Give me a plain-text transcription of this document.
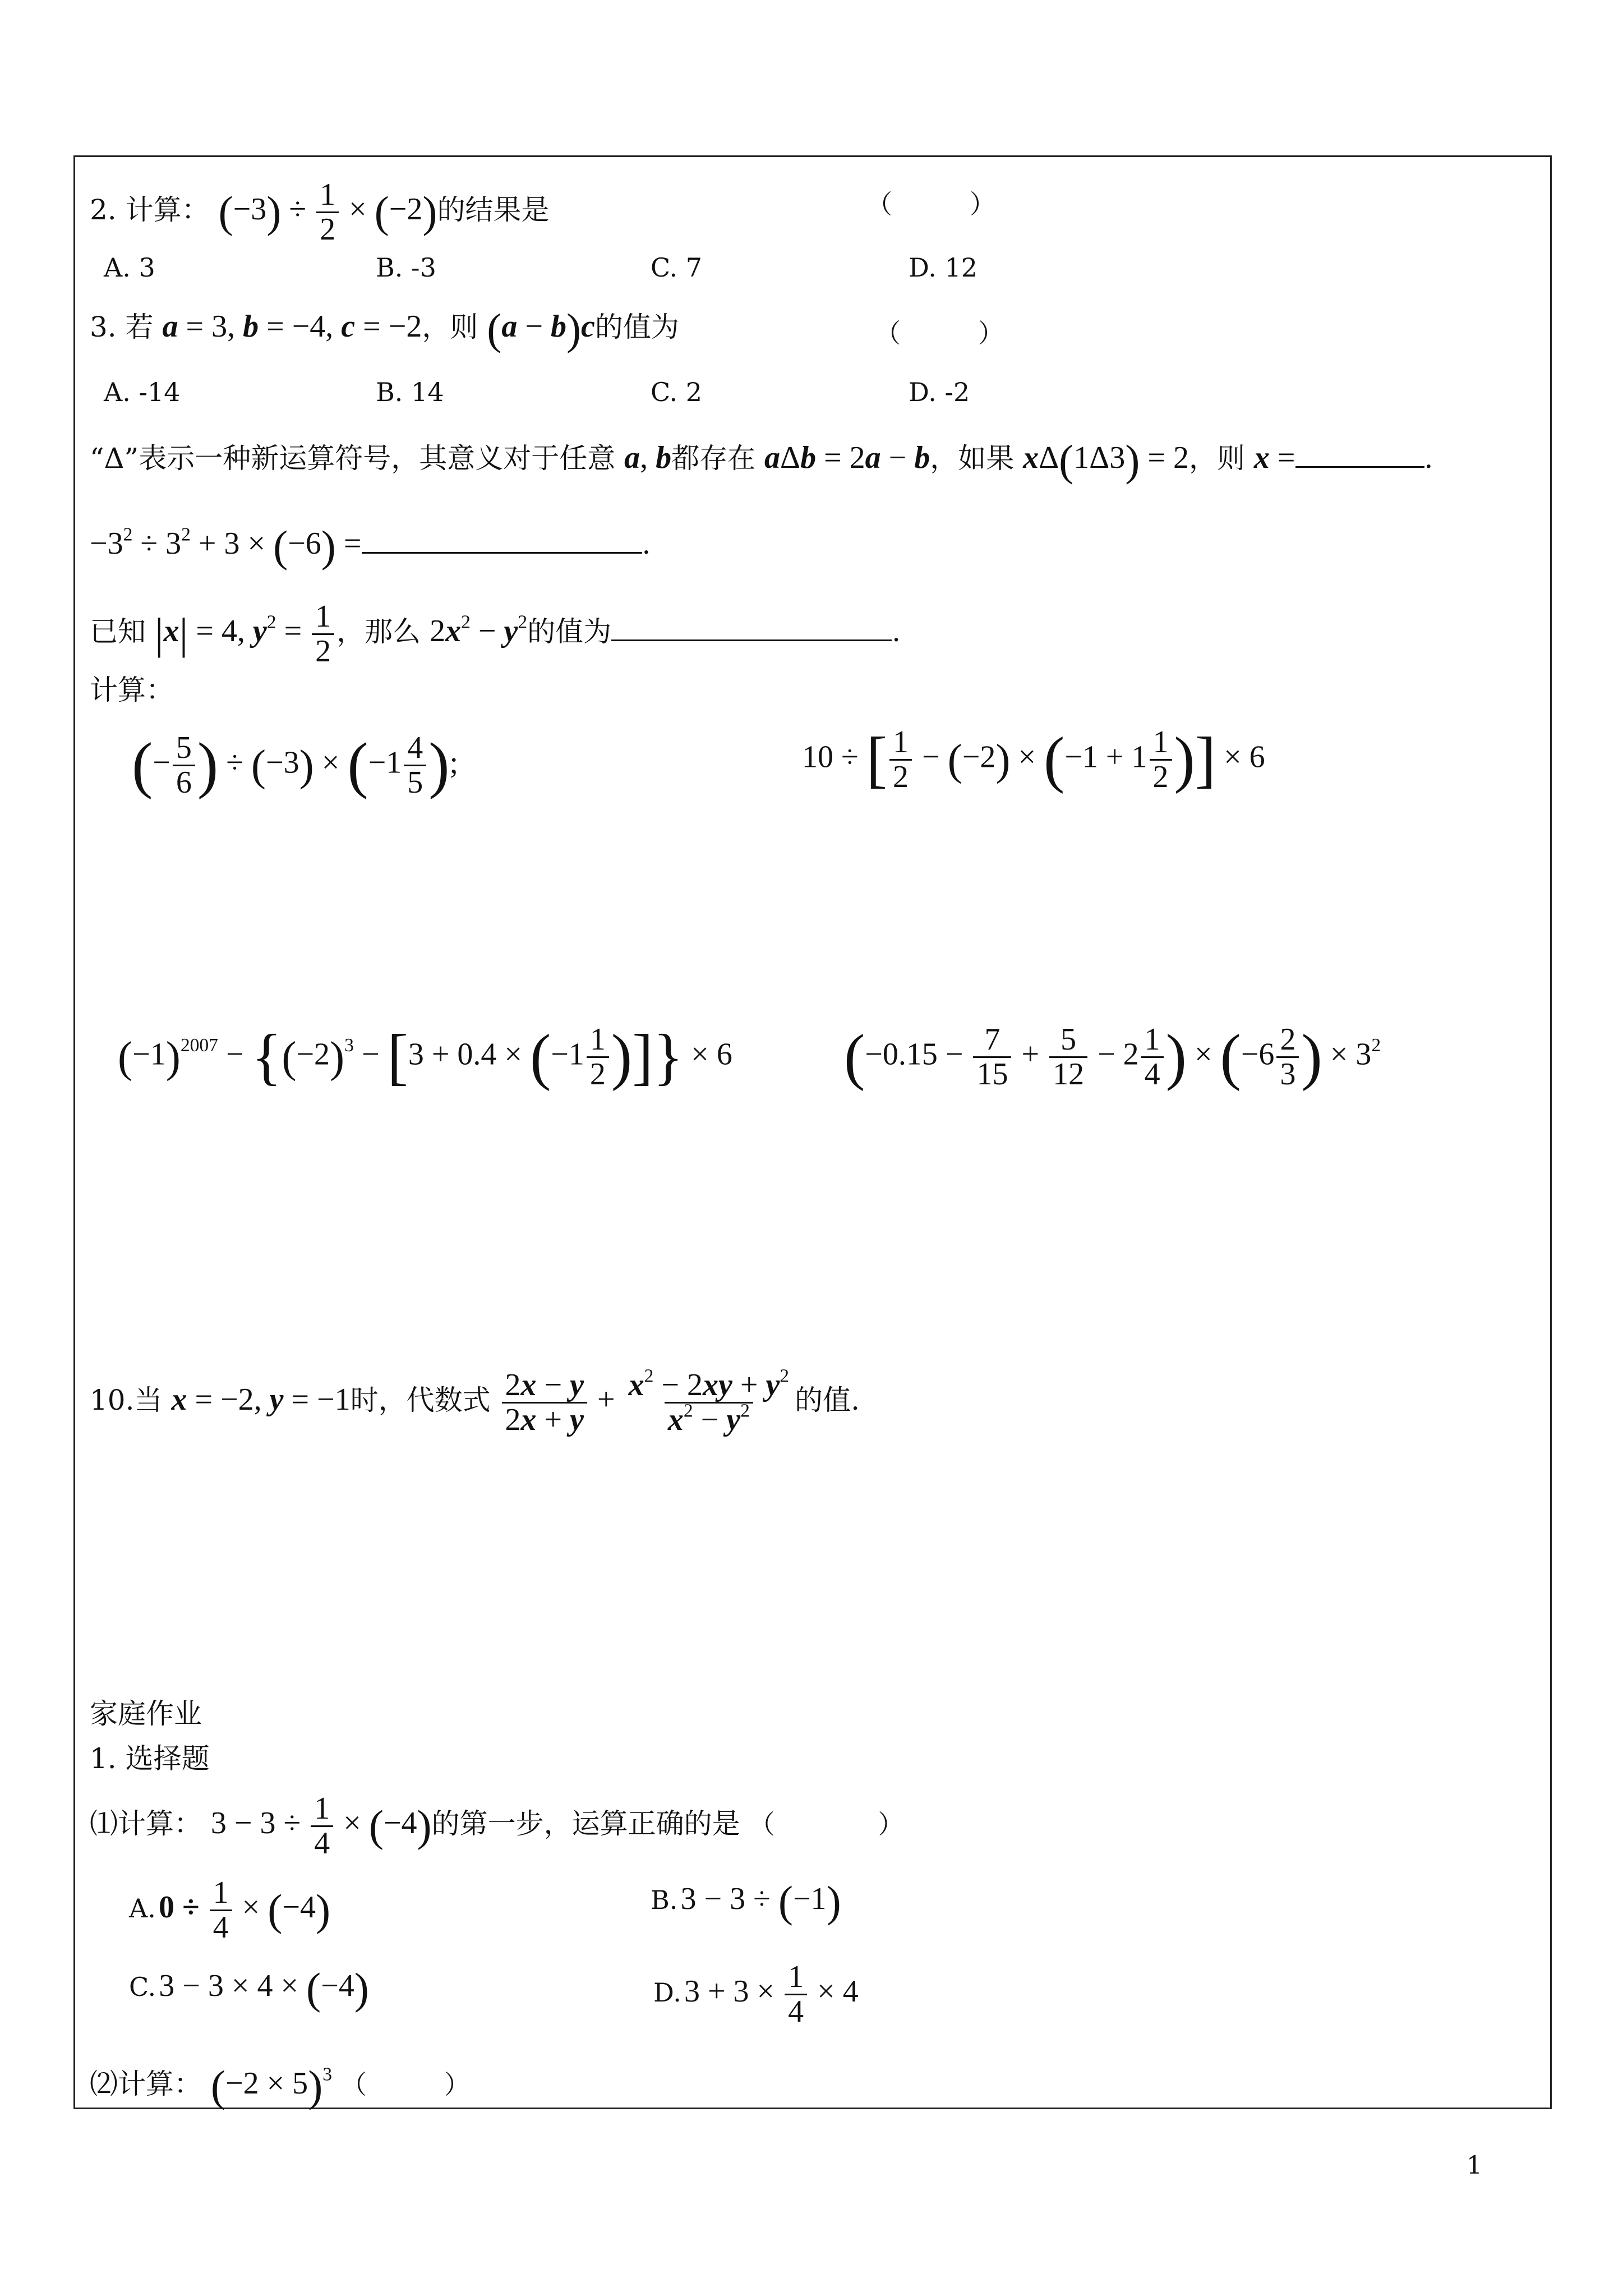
2. 计算： $(-3) \div \frac{1}{2} \times (-2)$的结果是	（　　　）
A. 3	B. -3	C. 7	D. 12
3. 若 a = 3, b = −4, c = −2，则 (a − b)c的值为	（　　　）
A. -14	B. 14	C. 2	D. -2
“Δ”表示一种新运算符号，其意义对于任意 a, b都存在 aΔb = 2a − b，如果 xΔ(1Δ3) = 2，则 x =	.
$-3^2 \div 3^2 + 3 \times (-6)$ =	.
已知 |x| = 4, $y^2 = \frac{1}{2}$ ，那么 $2x^2 - y^2$的值为	.
计算：
(− $\frac{5}{6}$ ) ÷ $(-3) \times (-1 \frac{4}{5}$ );	10 ÷ [ $\frac{1}{2} - (-2) \times (-1 + 1 \frac{1}{2}$ )] × 6
$(-1)^{2007} - \{(-2)^3 - [3 + 0.4 \times (-1 \frac{1}{2}$ )]} × 6 ($-0.15 - \frac{7}{15} + \frac{5}{12} - 2 \frac{1}{4}$ ) × ($-6 \frac{2}{3}$ ) × $3^2$
10.当 x = −2, y = −1时，代数式 $\frac{2x - y}{2x + y} + \frac{x^2 - 2xy + y^2}{x^2 - y^2}$ 的值.
家庭作业
1. 选择题
⑴计算： $3 - 3 \div \frac{1}{4} \times (-4)$的第一步，运算正确的是 （　　　　）
A. $0 \div \frac{1}{4} \times (-4)$	B. 3 − 3 ÷ (−1)
C. 3 − 3 × 4 × (−4)	D. $3 + 3 \times \frac{1}{4} \times 4$
⑵计算： $(-2 \times 5)^3$ （　　　）
1
